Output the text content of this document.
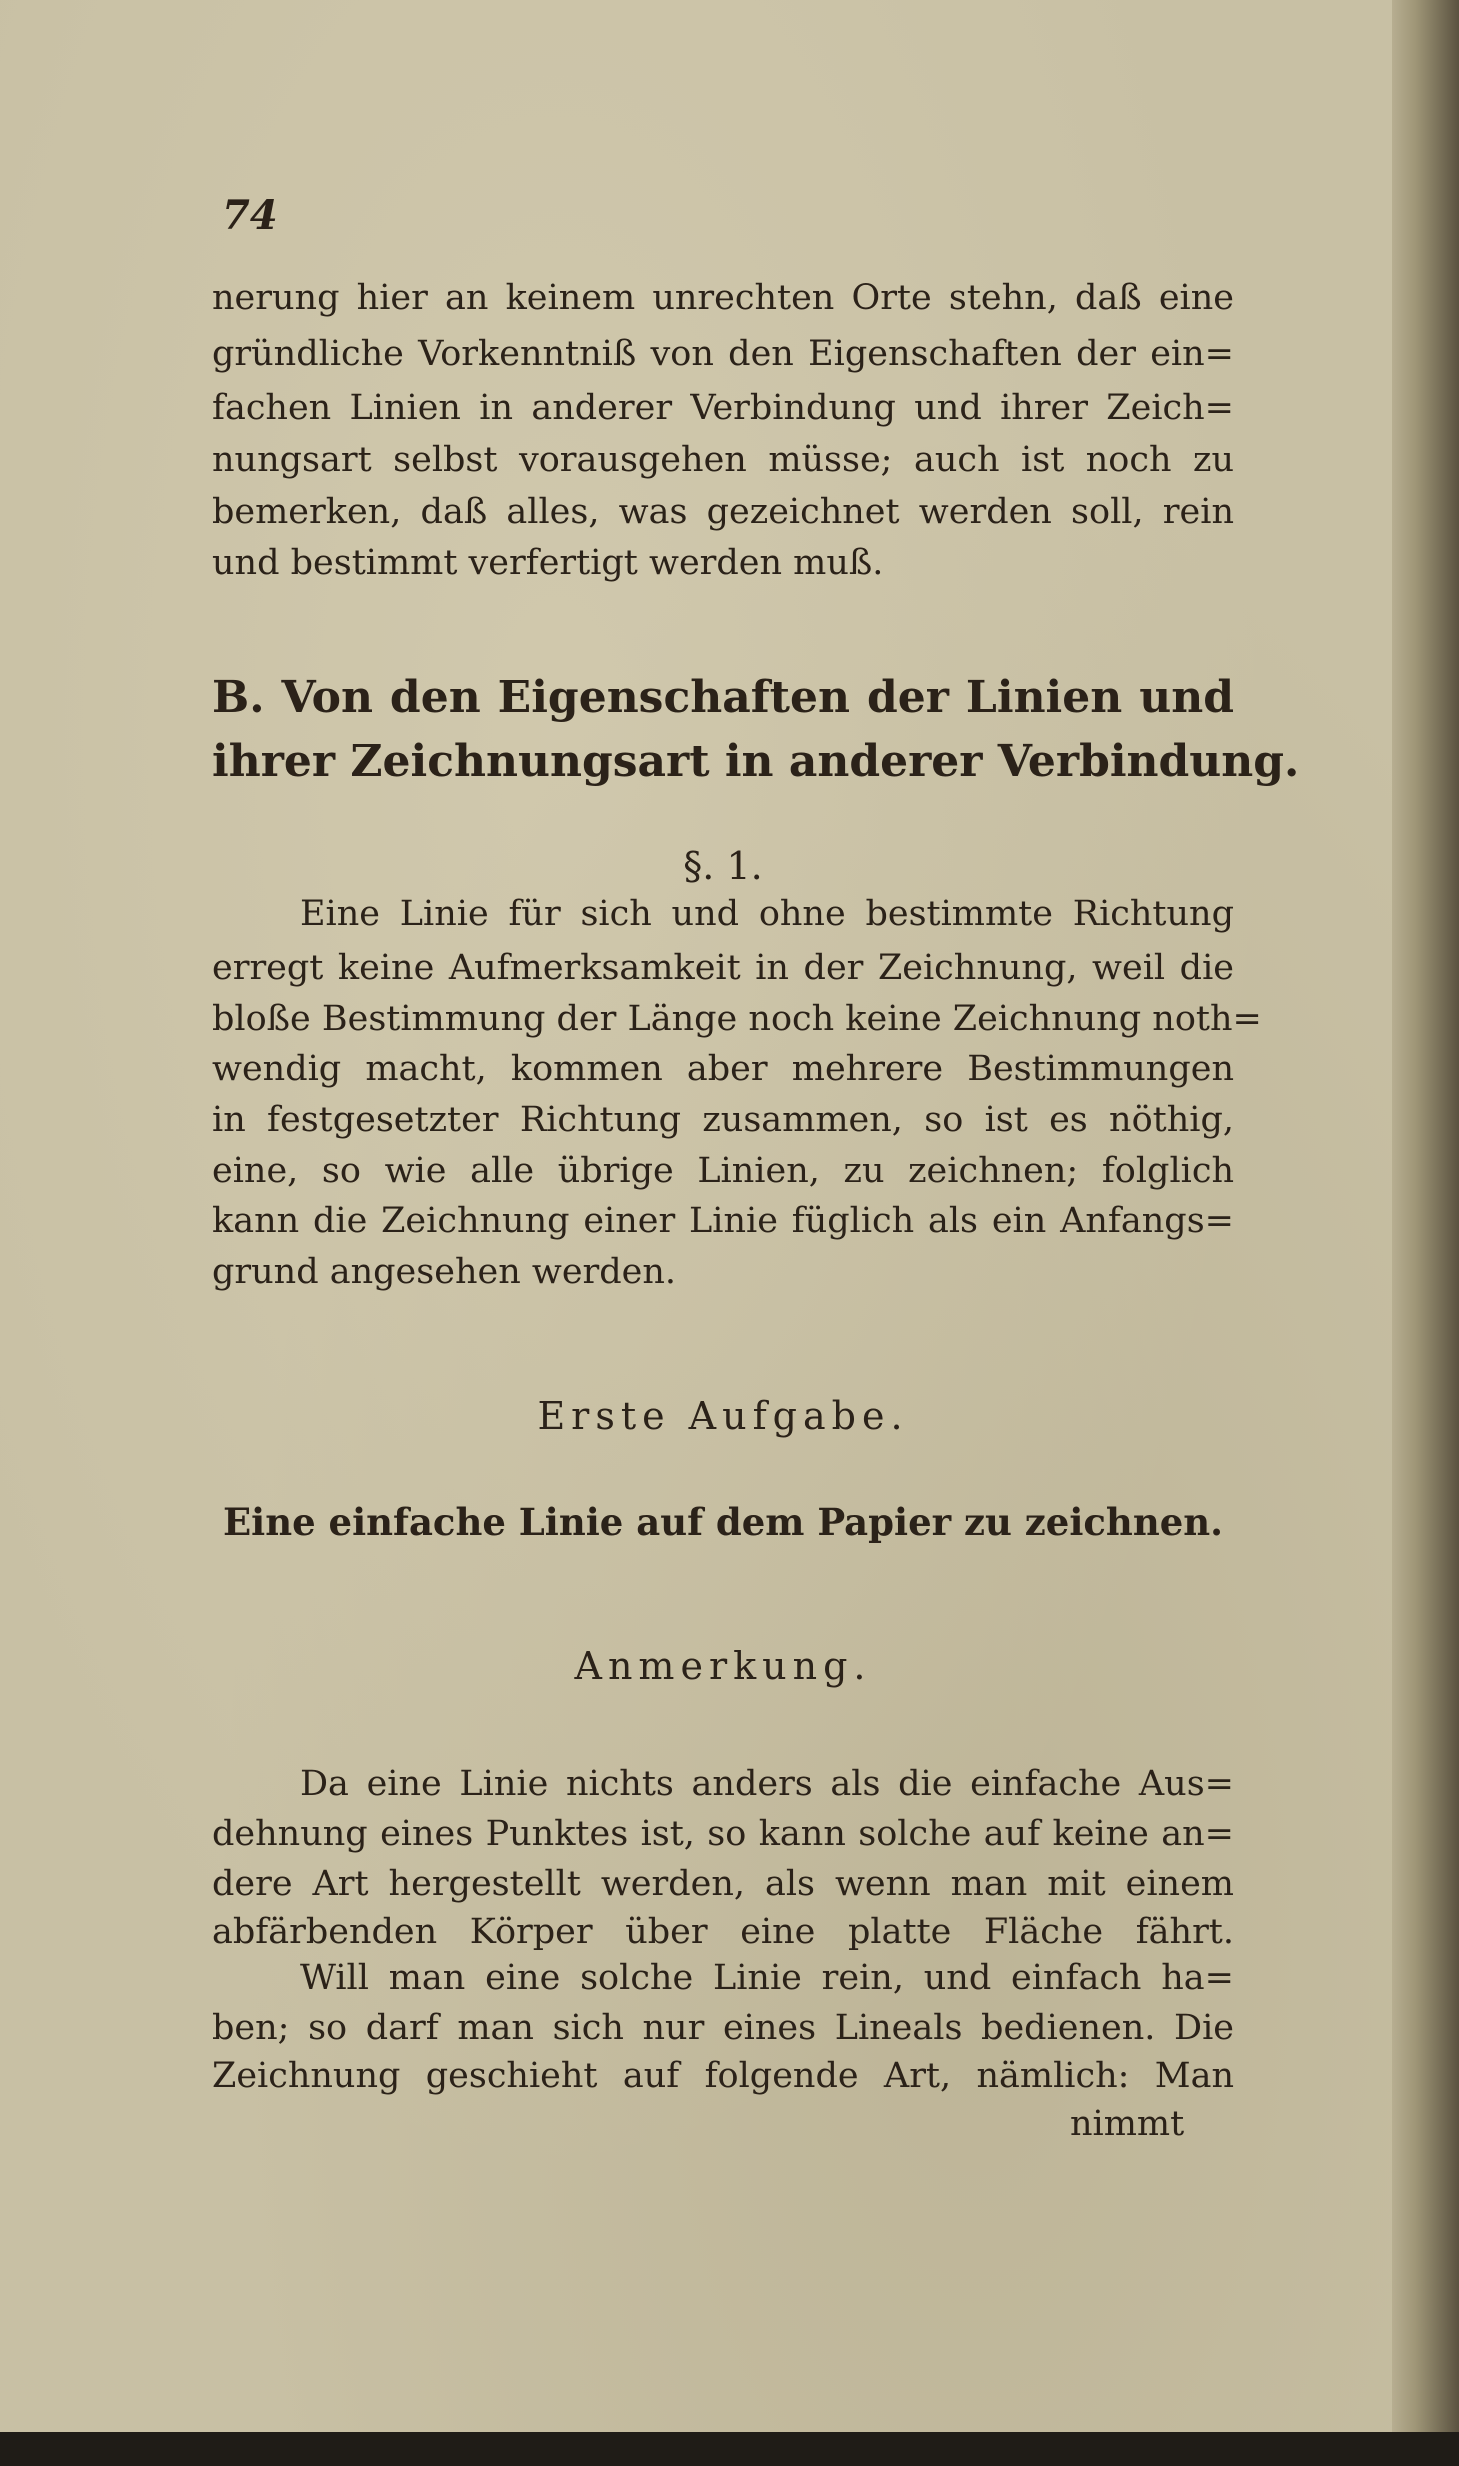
74
nerung hier an keinem unrechten Orte stehn, daß eine
gründliche Vorkenntniß von den Eigenschaften der ein=
fachen Linien in anderer Verbindung und ihrer Zeich=
nungsart selbst vorausgehen müsse; auch ist noch zu
bemerken, daß alles, was gezeichnet werden soll, rein
und bestimmt verfertigt werden muß.
B. Von den Eigenschaften der Linien und
ihrer Zeichnungsart in anderer Verbindung.
§. 1.
Eine Linie für sich und ohne bestimmte Richtung
erregt keine Aufmerksamkeit in der Zeichnung, weil die
bloße Bestimmung der Länge noch keine Zeichnung noth=
wendig macht, kommen aber mehrere Bestimmungen
in festgesetzter Richtung zusammen, so ist es nöthig,
eine, so wie alle übrige Linien, zu zeichnen; folglich
kann die Zeichnung einer Linie füglich als ein Anfangs=
grund angesehen werden.
Erste Aufgabe.
Eine einfache Linie auf dem Papier zu zeichnen.
Anmerkung.
Da eine Linie nichts anders als die einfache Aus=
dehnung eines Punktes ist, so kann solche auf keine an=
dere Art hergestellt werden, als wenn man mit einem
abfärbenden Körper über eine platte Fläche fährt.
Will man eine solche Linie rein, und einfach ha=
ben; so darf man sich nur eines Lineals bedienen. Die
Zeichnung geschieht auf folgende Art, nämlich: Man
nimmt
